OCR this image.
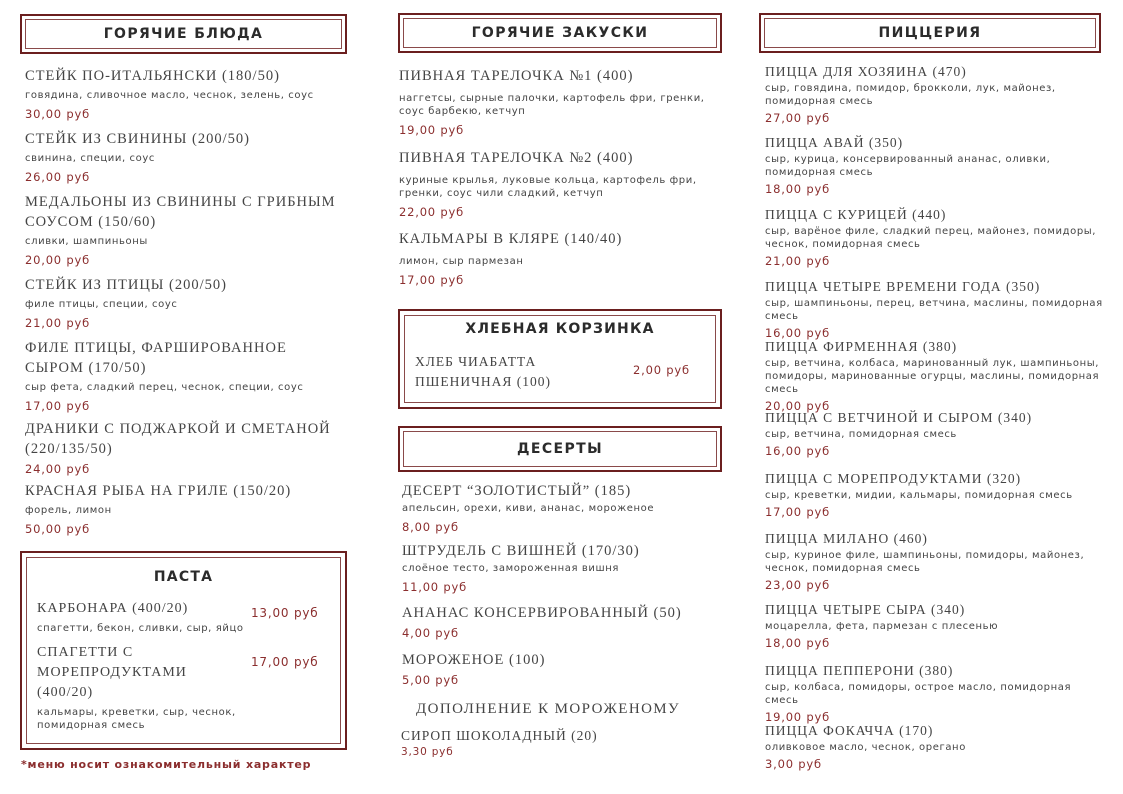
ГОРЯЧИЕ БЛЮДА
СТЕЙК ПО-ИТАЛЬЯНСКИ (180/50)
говядина, сливочное масло, чеснок, зелень, соус
30,00 руб
СТЕЙК ИЗ СВИНИНЫ (200/50)
свинина, специи, соус
26,00 руб
МЕДАЛЬОНЫ ИЗ СВИНИНЫ С ГРИБНЫМ СОУСОМ (150/60)
сливки, шампиньоны
20,00 руб
СТЕЙК ИЗ ПТИЦЫ (200/50)
филе птицы, специи, соус
21,00 руб
ФИЛЕ ПТИЦЫ, ФАРШИРОВАННОЕ СЫРОМ (170/50)
сыр фета, сладкий перец, чеснок, специи, соус
17,00 руб
ДРАНИКИ С ПОДЖАРКОЙ И СМЕТАНОЙ (220/135/50)
24,00 руб
КРАСНАЯ РЫБА НА ГРИЛЕ (150/20)
форель, лимон
50,00 руб
ПАСТА
КАРБОНАРА (400/20)
спагетти, бекон, сливки, сыр, яйцо
13,00 руб
СПАГЕТТИ С МОРЕПРОДУКТАМИ (400/20)
кальмары, креветки, сыр, чеснок, помидорная смесь
17,00 руб
*меню носит ознакомительный характер
ГОРЯЧИЕ ЗАКУСКИ
ПИВНАЯ ТАРЕЛОЧКА №1 (400)
наггетсы, сырные палочки, картофель фри, гренки, соус барбекю, кетчуп
19,00 руб
ПИВНАЯ ТАРЕЛОЧКА №2 (400)
куриные крылья, луковые кольца, картофель фри, гренки, соус чили сладкий, кетчуп
22,00 руб
КАЛЬМАРЫ В КЛЯРЕ (140/40)
лимон, сыр пармезан
17,00 руб
ХЛЕБНАЯ КОРЗИНКА
ХЛЕБ ЧИАБАТТА ПШЕНИЧНАЯ (100)
2,00 руб
ДЕСЕРТЫ
ДЕСЕРТ “ЗОЛОТИСТЫЙ” (185)
апельсин, орехи, киви, ананас, мороженое
8,00 руб
ШТРУДЕЛЬ С ВИШНЕЙ (170/30)
слоёное тесто, замороженная вишня
11,00 руб
АНАНАС КОНСЕРВИРОВАННЫЙ (50)
4,00 руб
МОРОЖЕНОЕ (100)
5,00 руб
ДОПОЛНЕНИЕ К МОРОЖЕНОМУ
СИРОП ШОКОЛАДНЫЙ (20)
3,30 руб
ПИЦЦЕРИЯ
ПИЦЦА ДЛЯ ХОЗЯИНА (470)
сыр, говядина, помидор, брокколи, лук, майонез, помидорная смесь
27,00 руб
ПИЦЦА АВАЙ (350)
сыр, курица, консервированный ананас, оливки, помидорная смесь
18,00 руб
ПИЦЦА С КУРИЦЕЙ (440)
сыр, варёное филе, сладкий перец, майонез, помидоры, чеснок, помидорная смесь
21,00 руб
ПИЦЦА ЧЕТЫРЕ ВРЕМЕНИ ГОДА (350)
сыр, шампиньоны, перец, ветчина, маслины, помидорная смесь
16,00 руб
ПИЦЦА ФИРМЕННАЯ (380)
сыр, ветчина, колбаса, маринованный лук, шампиньоны, помидоры, маринованные огурцы, маслины, помидорная смесь
20,00 руб
ПИЦЦА С ВЕТЧИНОЙ И СЫРОМ (340)
сыр, ветчина, помидорная смесь
16,00 руб
ПИЦЦА С МОРЕПРОДУКТАМИ (320)
сыр, креветки, мидии, кальмары, помидорная смесь
17,00 руб
ПИЦЦА МИЛАНО (460)
сыр, куриное филе, шампиньоны, помидоры, майонез, чеснок, помидорная смесь
23,00 руб
ПИЦЦА ЧЕТЫРЕ СЫРА (340)
моцарелла, фета, пармезан с плесенью
18,00 руб
ПИЦЦА ПЕППЕРОНИ (380)
сыр, колбаса, помидоры, острое масло, помидорная смесь
19,00 руб
ПИЦЦА ФОКАЧЧА (170)
оливковое масло, чеснок, орегано
3,00 руб
